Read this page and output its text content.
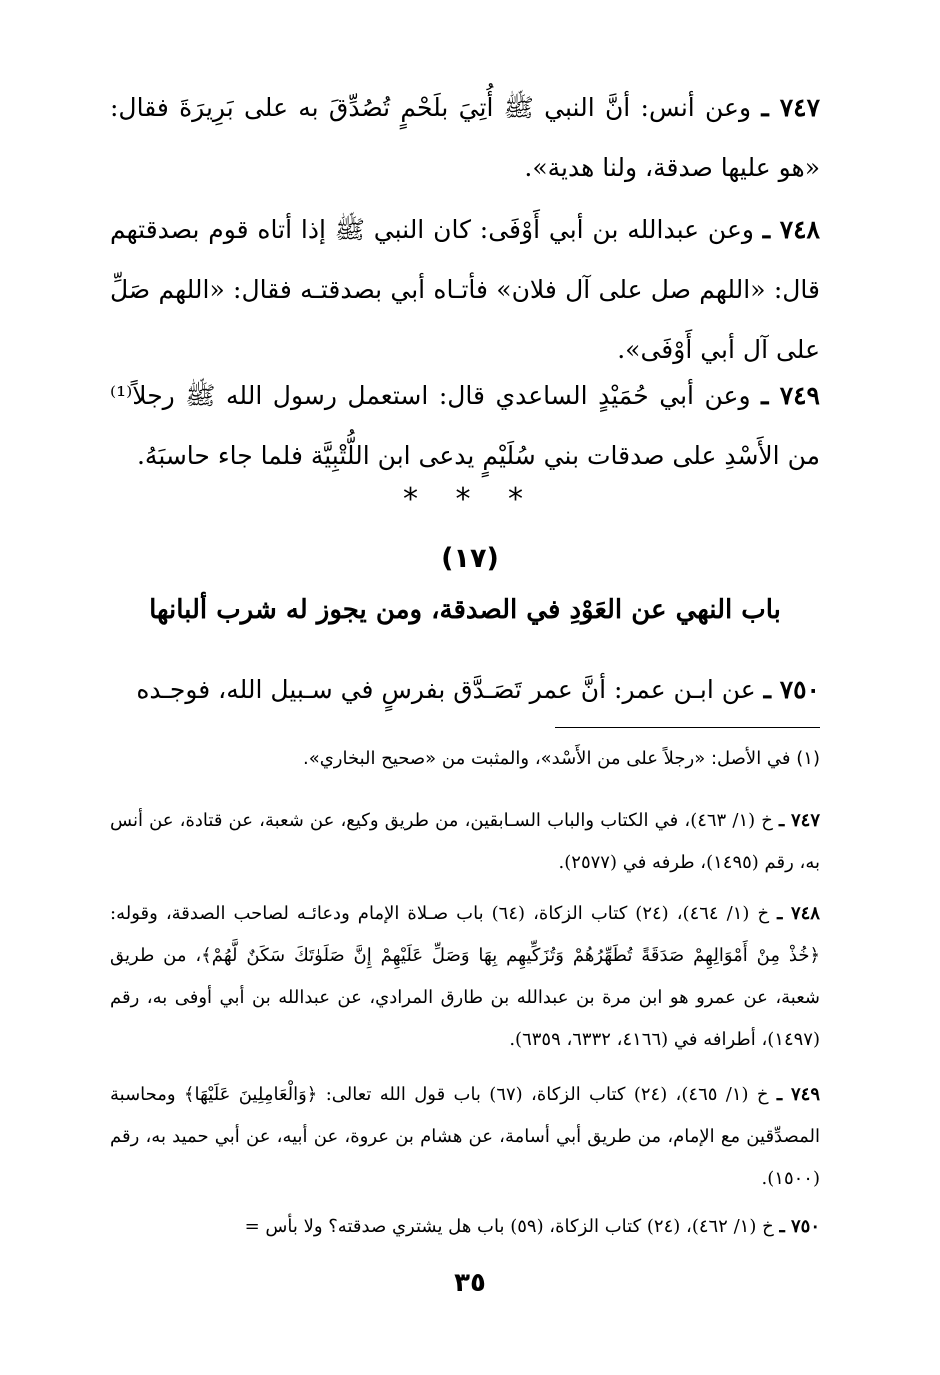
٧٤٧ ـ وعن أنس: أنَّ النبي ﷺ أُتِيَ بلَحْمٍ تُصُدِّقَ به على بَرِيرَةَ فقال: «هو عليها صدقة، ولنا هدية».

٧٤٨ ـ وعن عبدالله بن أبي أَوْفَى: كان النبي ﷺ إذا أتاه قوم بصدقتهم قال: «اللهم صل على آل فلان» فأتـاه أبي بصدقتـه فقال: «اللهم صَلِّ على آل أبي أَوْفَى».

٧٤٩ ـ وعن أبي حُمَيْدٍ الساعدي قال: استعمل رسول الله ﷺ رجلاً⁽¹⁾ من الأَسْدِ على صدقات بني سُلَيْمٍ يدعى ابن اللُّتْبِيَّة فلما جاء حاسبَهُ.

* * *
(١٧)
باب النهي عن العَوْدِ في الصدقة، ومن يجوز له شرب ألبانها

٧٥٠ ـ عن ابـن عمر: أنَّ عمر تَصَـدَّق بفرسٍ في سـبيل الله، فوجـده

(١) في الأصل: «رجلاً على من الأَسْد»، والمثبت من «صحيح البخاري».

٧٤٧ ـ خ (١/ ٤٦٣)، في الكتاب والباب السـابقين، من طريق وكيع، عن شعبة، عن قتادة، عن أنس به، رقم (١٤٩٥)، طرفه في (٢٥٧٧).

٧٤٨ ـ خ (١/ ٤٦٤)، (٢٤) كتاب الزكاة، (٦٤) باب صـلاة الإمام ودعائـه لصاحب الصدقة، وقوله: ﴿خُذْ مِنْ أَمْوَالِهِمْ صَدَقَةً تُطَهِّرُهُمْ وَتُزَكِّيهِم بِهَا وَصَلِّ عَلَيْهِمْ إِنَّ صَلَوٰتَكَ سَكَنٌ لَّهُمْ﴾، من طريق شعبة، عن عمرو هو ابن مرة بن عبدالله بن طارق المرادي، عن عبدالله بن أبي أوفى به، رقم (١٤٩٧)، أطرافه في (٤١٦٦، ٦٣٣٢، ٦٣٥٩).

٧٤٩ ـ خ (١/ ٤٦٥)، (٢٤) كتاب الزكاة، (٦٧) باب قول الله تعالى: ﴿وَالْعَامِلِينَ عَلَيْهَا﴾ ومحاسبة المصدِّقين مع الإمام، من طريق أبي أسامة، عن هشام بن عروة، عن أبيه، عن أبي حميد به، رقم (١٥٠٠).

٧٥٠ ـ خ (١/ ٤٦٢)، (٢٤) كتاب الزكاة، (٥٩) باب هل يشتري صدقته؟ ولا بأس =

٣٥
